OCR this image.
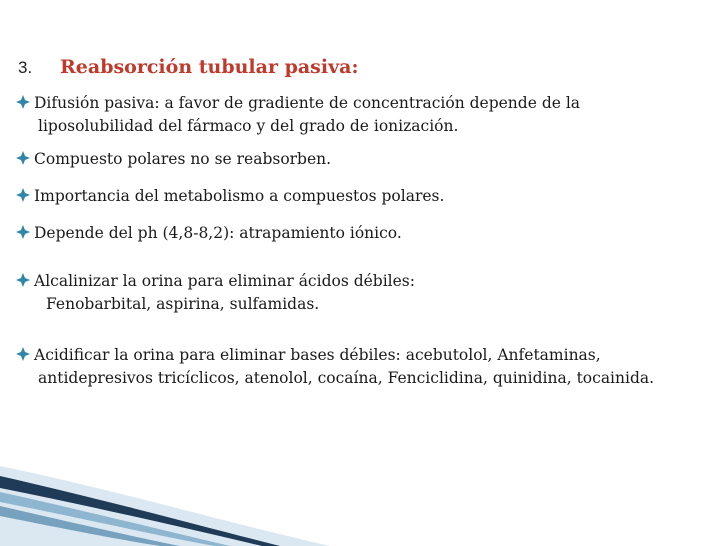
3.	Reabsorción tubular pasiva:
Difusión pasiva: a favor de gradiente de concentración depende de la
liposolubilidad del fármaco y del grado de ionización.
Compuesto polares no se reabsorben.
Importancia del metabolismo a compuestos polares.
Depende del ph (4,8-8,2): atrapamiento iónico.
Alcalinizar la orina para eliminar ácidos débiles:
Fenobarbital, aspirina, sulfamidas.
Acidificar la orina para eliminar bases débiles: acebutolol, Anfetaminas,
antidepresivos tricíclicos, atenolol, cocaína, Fenciclidina, quinidina, tocainida.
